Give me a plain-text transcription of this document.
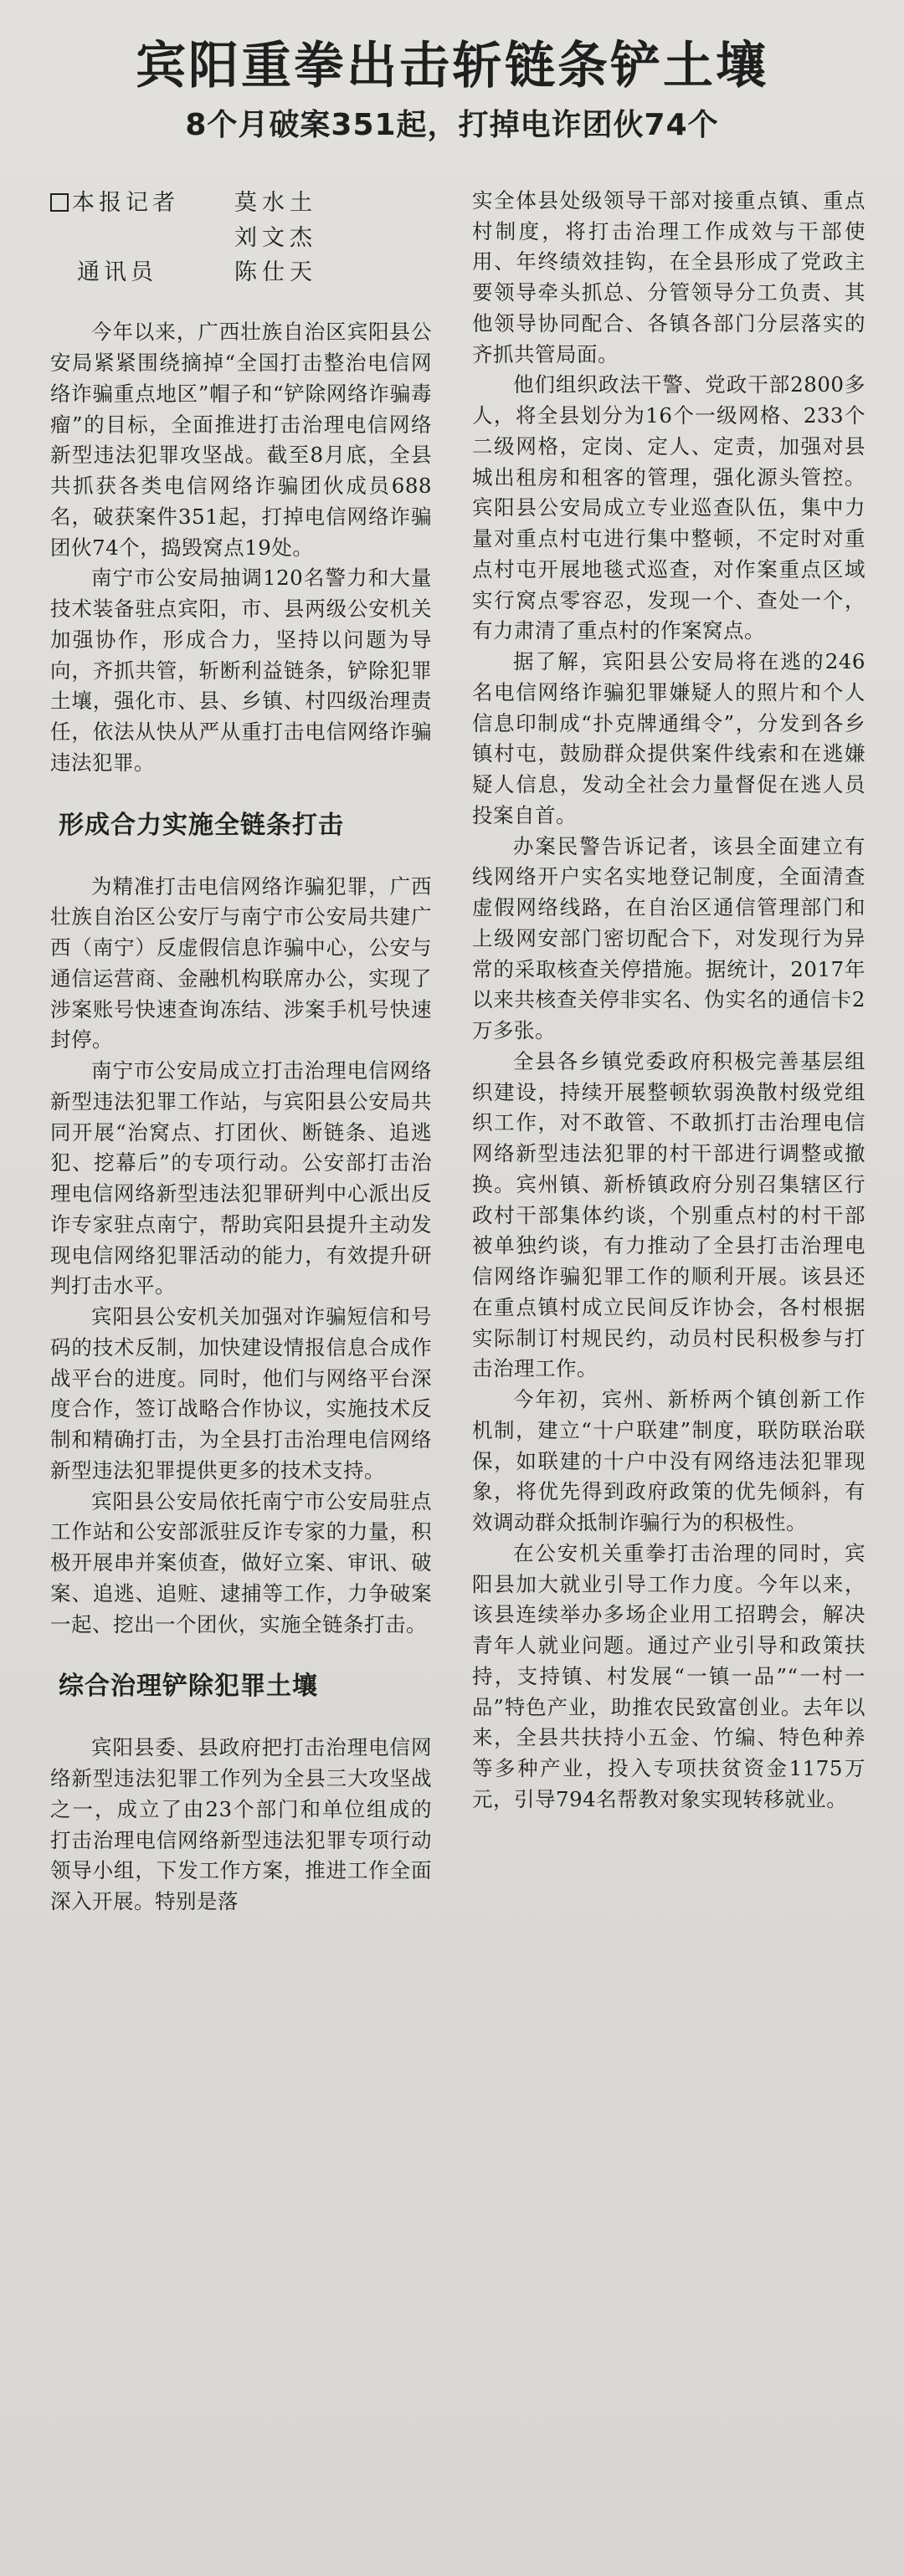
宾阳重拳出击斩链条铲土壤
8个月破案351起，打掉电诈团伙74个
本报记者	莫水土
刘文杰
通讯员	陈仕天

今年以来，广西壮族自治区宾阳县公安局紧紧围绕摘掉“全国打击整治电信网络诈骗重点地区”帽子和“铲除网络诈骗毒瘤”的目标，全面推进打击治理电信网络新型违法犯罪攻坚战。截至8月底，全县共抓获各类电信网络诈骗团伙成员688名，破获案件351起，打掉电信网络诈骗团伙74个，捣毁窝点19处。

南宁市公安局抽调120名警力和大量技术装备驻点宾阳，市、县两级公安机关加强协作，形成合力，坚持以问题为导向，齐抓共管，斩断利益链条，铲除犯罪土壤，强化市、县、乡镇、村四级治理责任，依法从快从严从重打击电信网络诈骗违法犯罪。

形成合力实施全链条打击

为精准打击电信网络诈骗犯罪，广西壮族自治区公安厅与南宁市公安局共建广西（南宁）反虚假信息诈骗中心，公安与通信运营商、金融机构联席办公，实现了涉案账号快速查询冻结、涉案手机号快速封停。

南宁市公安局成立打击治理电信网络新型违法犯罪工作站，与宾阳县公安局共同开展“治窝点、打团伙、断链条、追逃犯、挖幕后”的专项行动。公安部打击治理电信网络新型违法犯罪研判中心派出反诈专家驻点南宁，帮助宾阳县提升主动发现电信网络犯罪活动的能力，有效提升研判打击水平。

宾阳县公安机关加强对诈骗短信和号码的技术反制，加快建设情报信息合成作战平台的进度。同时，他们与网络平台深度合作，签订战略合作协议，实施技术反制和精确打击，为全县打击治理电信网络新型违法犯罪提供更多的技术支持。

宾阳县公安局依托南宁市公安局驻点工作站和公安部派驻反诈专家的力量，积极开展串并案侦查，做好立案、审讯、破案、追逃、追赃、逮捕等工作，力争破案一起、挖出一个团伙，实施全链条打击。

综合治理铲除犯罪土壤

宾阳县委、县政府把打击治理电信网络新型违法犯罪工作列为全县三大攻坚战之一，成立了由23个部门和单位组成的打击治理电信网络新型违法犯罪专项行动领导小组，下发工作方案，推进工作全面深入开展。特别是落

实全体县处级领导干部对接重点镇、重点村制度，将打击治理工作成效与干部使用、年终绩效挂钩，在全县形成了党政主要领导牵头抓总、分管领导分工负责、其他领导协同配合、各镇各部门分层落实的齐抓共管局面。

他们组织政法干警、党政干部2800多人，将全县划分为16个一级网格、233个二级网格，定岗、定人、定责，加强对县城出租房和租客的管理，强化源头管控。宾阳县公安局成立专业巡查队伍，集中力量对重点村屯进行集中整顿，不定时对重点村屯开展地毯式巡查，对作案重点区域实行窝点零容忍，发现一个、查处一个，有力肃清了重点村的作案窝点。

据了解，宾阳县公安局将在逃的246名电信网络诈骗犯罪嫌疑人的照片和个人信息印制成“扑克牌通缉令”，分发到各乡镇村屯，鼓励群众提供案件线索和在逃嫌疑人信息，发动全社会力量督促在逃人员投案自首。

办案民警告诉记者，该县全面建立有线网络开户实名实地登记制度，全面清查虚假网络线路，在自治区通信管理部门和上级网安部门密切配合下，对发现行为异常的采取核查关停措施。据统计，2017年以来共核查关停非实名、伪实名的通信卡2万多张。

全县各乡镇党委政府积极完善基层组织建设，持续开展整顿软弱涣散村级党组织工作，对不敢管、不敢抓打击治理电信网络新型违法犯罪的村干部进行调整或撤换。宾州镇、新桥镇政府分别召集辖区行政村干部集体约谈，个别重点村的村干部被单独约谈，有力推动了全县打击治理电信网络诈骗犯罪工作的顺利开展。该县还在重点镇村成立民间反诈协会，各村根据实际制订村规民约，动员村民积极参与打击治理工作。

今年初，宾州、新桥两个镇创新工作机制，建立“十户联建”制度，联防联治联保，如联建的十户中没有网络违法犯罪现象，将优先得到政府政策的优先倾斜，有效调动群众抵制诈骗行为的积极性。

在公安机关重拳打击治理的同时，宾阳县加大就业引导工作力度。今年以来，该县连续举办多场企业用工招聘会，解决青年人就业问题。通过产业引导和政策扶持，支持镇、村发展“一镇一品”“一村一品”特色产业，助推农民致富创业。去年以来，全县共扶持小五金、竹编、特色种养等多种产业，投入专项扶贫资金1175万元，引导794名帮教对象实现转移就业。
